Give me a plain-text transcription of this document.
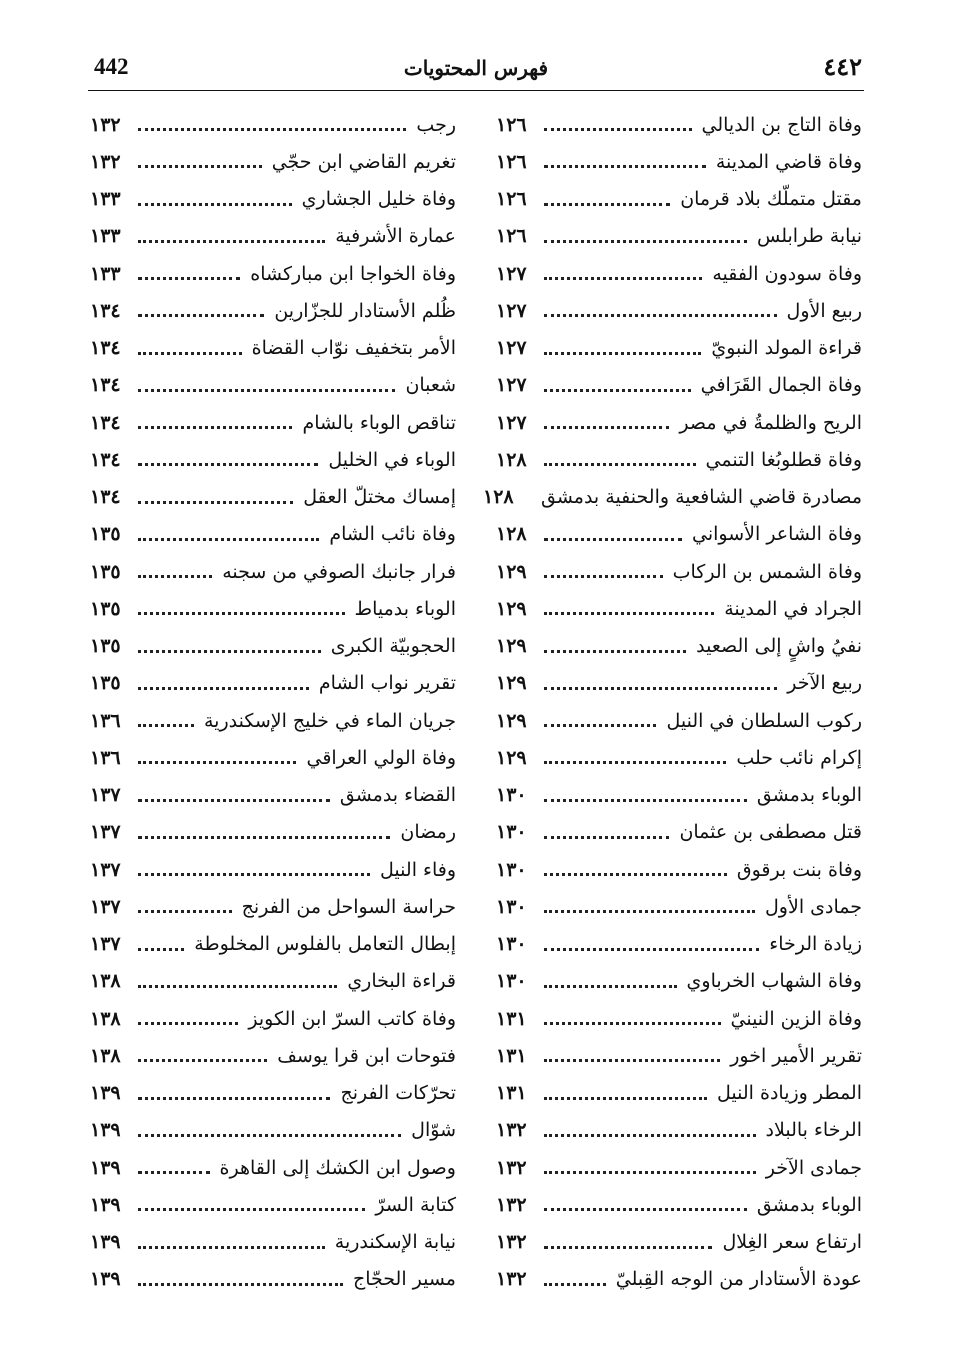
442	فهرس المحتويات	٤٤٢
وفاة التاج بن الديالي
١٢٦
وفاة قاضي المدينة
١٢٦
مقتل متملّك بلاد قرمان
١٢٦
نيابة طرابلس
١٢٦
وفاة سودون الفقيه
١٢٧
ربيع الأول
١٢٧
قراءة المولد النبويّ
١٢٧
وفاة الجمال القَرَافي
١٢٧
الريح والظلمةُ في مصر
١٢٧
وفاة قطلوبُغا التنمي
١٢٨
مصادرة قاضي الشافعية والحنفية بدمشق
١٢٨
وفاة الشاعر الأسواني
١٢٨
وفاة الشمس بن الركاب
١٢٩
الجراد في المدينة
١٢٩
نفيُ واشٍ إلى الصعيد
١٢٩
ربيع الآخر
١٢٩
ركوب السلطان في النيل
١٢٩
إكرام نائب حلب
١٢٩
الوباء بدمشق
١٣٠
قتل مصطفى بن عثمان
١٣٠
وفاة بنت برقوق
١٣٠
جمادى الأول
١٣٠
زيادة الرخاء
١٣٠
وفاة الشهاب الخرباوي
١٣٠
وفاة الزين النينيّ
١٣١
تقرير الأمير اخور
١٣١
المطر وزيادة النيل
١٣١
الرخاء بالبلاد
١٣٢
جمادى الآخر
١٣٢
الوباء بدمشق
١٣٢
ارتفاع سعر الغِلال
١٣٢
عودة الأستادار من الوجه القِبليّ
١٣٢
رجب
١٣٢
تغريم القاضي ابن حجّي
١٣٢
وفاة خليل الجشاري
١٣٣
عمارة الأشرفية
١٣٣
وفاة الخواجا ابن مباركشاه
١٣٣
ظُلم الأستادار للجزّارين
١٣٤
الأمر بتخفيف نوّاب القضاة
١٣٤
شعبان
١٣٤
تناقص الوباء بالشام
١٣٤
الوباء في الخليل
١٣٤
إمساك مختلّ العقل
١٣٤
وفاة نائب الشام
١٣٥
فرار جانبك الصوفي من سجنه
١٣٥
الوباء بدمياط
١٣٥
الحجوبيّة الكبرى
١٣٥
تقرير نواب الشام
١٣٥
جريان الماء في خليج الإسكندرية
١٣٦
وفاة الولي العراقي
١٣٦
القضاء بدمشق
١٣٧
رمضان
١٣٧
وفاء النيل
١٣٧
حراسة السواحل من الفرنج
١٣٧
إبطال التعامل بالفلوس المخلوطة
١٣٧
قراءة البخاري
١٣٨
وفاة كاتب السرّ ابن الكويز
١٣٨
فتوحات ابن قرا يوسف
١٣٨
تحرّكات الفرنج
١٣٩
شوّال
١٣٩
وصول ابن الكشك إلى القاهرة
١٣٩
كتابة السرّ
١٣٩
نيابة الإسكندرية
١٣٩
مسير الحجّاج
١٣٩
